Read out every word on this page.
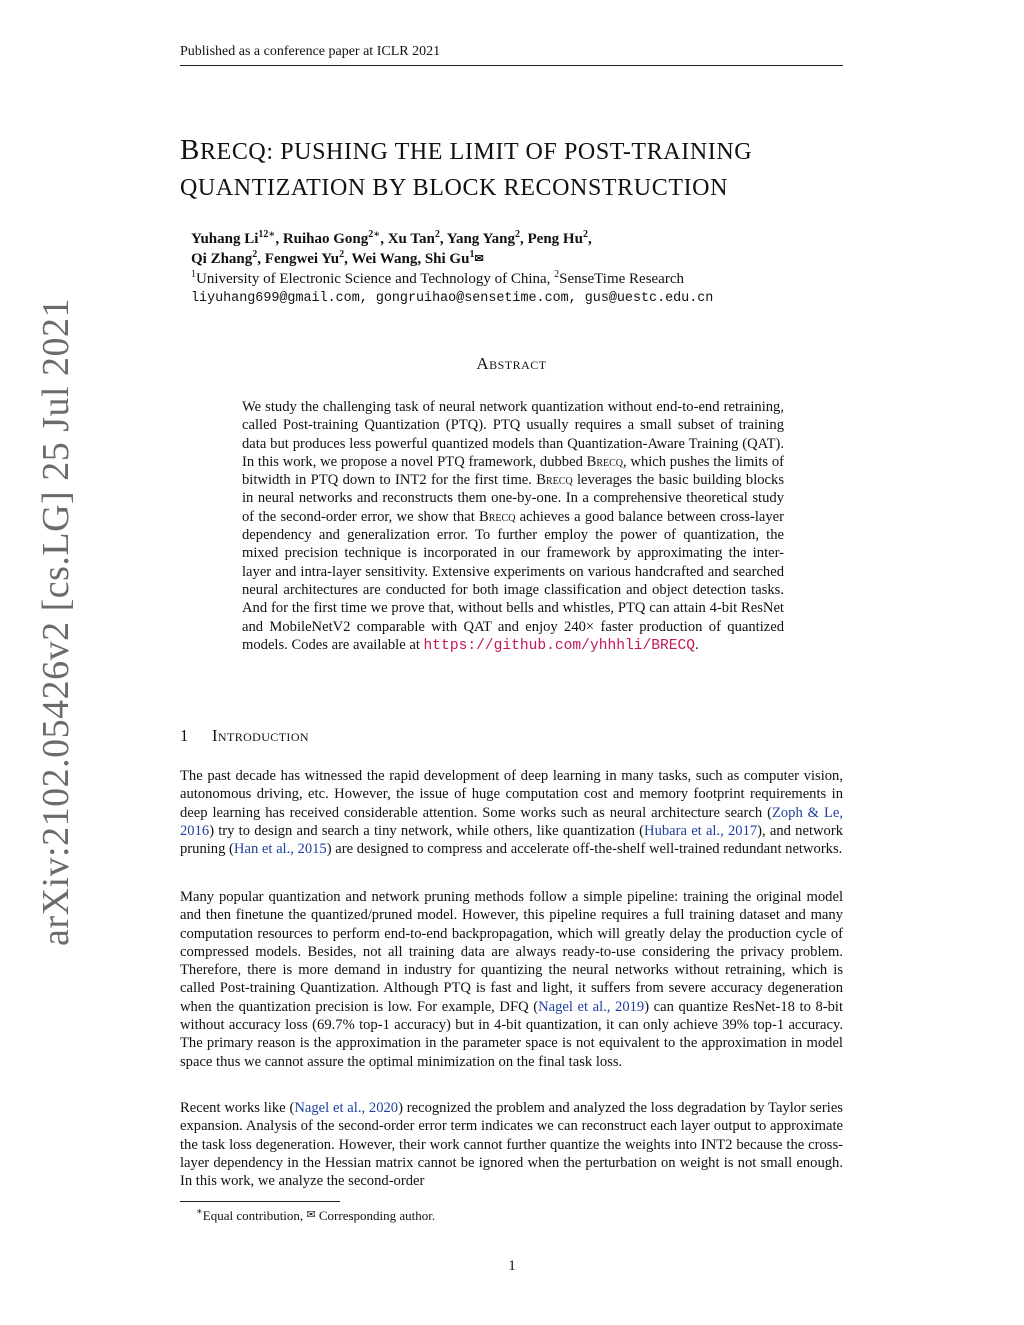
Published as a conference paper at ICLR 2021
BRECQ: PUSHING THE LIMIT OF POST-TRAINING
QUANTIZATION BY BLOCK RECONSTRUCTION
Yuhang $Li^{12∗}$, Ruihao Gong$^{2∗}$, Xu Tan$^2$, Yang Yang$^2$, Peng Hu$^2$,
Qi Zhang$^2$, Fengwei Yu$^2$, Wei Wang, Shi Gu$^1$✉
$^1$University of Electronic Science and Technology of China, $^2$SenseTime Research
liyuhang699@gmail.com, gongruihao@sensetime.com, gus@uestc.edu.cn
Abstract
We study the challenging task of neural network quantization without end-to-end retraining, called Post-training Quantization (PTQ). PTQ usually requires a small subset of training data but produces less powerful quantized models than Quantization-Aware Training (QAT). In this work, we propose a novel PTQ framework, dubbed Brecq, which pushes the limits of bitwidth in PTQ down to INT2 for the first time. Brecq leverages the basic building blocks in neural networks and reconstructs them one-by-one. In a comprehensive theoretical study of the second-order error, we show that Brecq achieves a good balance between cross-layer dependency and generalization error. To further employ the power of quantization, the mixed precision technique is incorporated in our framework by approximating the inter-layer and intra-layer sensitivity. Extensive experiments on various handcrafted and searched neural architectures are conducted for both image classification and object detection tasks. And for the first time we prove that, without bells and whistles, PTQ can attain 4-bit ResNet and MobileNetV2 comparable with QAT and enjoy 240× faster production of quantized models. Codes are available at https://github.com/yhhhli/BRECQ.
1 Introduction
The past decade has witnessed the rapid development of deep learning in many tasks, such as computer vision, autonomous driving, etc. However, the issue of huge computation cost and memory footprint requirements in deep learning has received considerable attention. Some works such as neural architecture search (Zoph & Le, 2016) try to design and search a tiny network, while others, like quantization (Hubara et al., 2017), and network pruning (Han et al., 2015) are designed to compress and accelerate off-the-shelf well-trained redundant networks.
Many popular quantization and network pruning methods follow a simple pipeline: training the original model and then finetune the quantized/pruned model. However, this pipeline requires a full training dataset and many computation resources to perform end-to-end backpropagation, which will greatly delay the production cycle of compressed models. Besides, not all training data are always ready-to-use considering the privacy problem. Therefore, there is more demand in industry for quantizing the neural networks without retraining, which is called Post-training Quantization. Although PTQ is fast and light, it suffers from severe accuracy degeneration when the quantization precision is low. For example, DFQ (Nagel et al., 2019) can quantize ResNet-18 to 8-bit without accuracy loss (69.7% top-1 accuracy) but in 4-bit quantization, it can only achieve 39% top-1 accuracy. The primary reason is the approximation in the parameter space is not equivalent to the approximation in model space thus we cannot assure the optimal minimization on the final task loss.
Recent works like (Nagel et al., 2020) recognized the problem and analyzed the loss degradation by Taylor series expansion. Analysis of the second-order error term indicates we can reconstruct each layer output to approximate the task loss degeneration. However, their work cannot further quantize the weights into INT2 because the cross-layer dependency in the Hessian matrix cannot be ignored when the perturbation on weight is not small enough. In this work, we analyze the second-order
∗Equal contribution, ✉ Corresponding author.
1
arXiv:2102.05426v2 [cs.LG] 25 Jul 2021
